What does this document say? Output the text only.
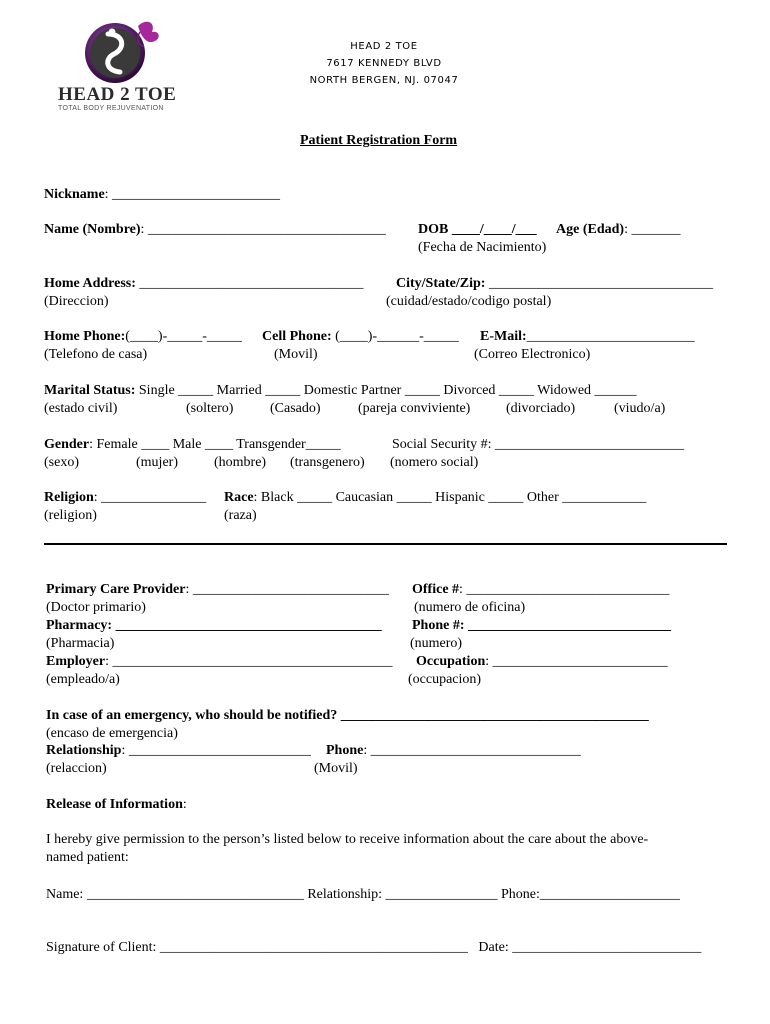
HEAD 2 TOE
TOTAL BODY REJUVENATION
HEAD 2 TOE
7617 KENNEDY BLVD
NORTH BERGEN, NJ. 07047
Patient Registration Form
Nickname: ________________________
Name (Nombre): __________________________________ DOB ____/____/___ Age (Edad): _______
(Fecha de Nacimiento)
Home Address: ________________________________ City/State/Zip: ________________________________
(Direccion)	(cuidad/estado/codigo postal)
Home Phone:(____)-_____-_____ Cell Phone: (____)-______-_____ E-Mail:________________________
(Telefono de casa)	(Movil)	(Correo Electronico)
Marital Status: Single _____ Married _____ Domestic Partner _____ Divorced _____ Widowed ______
(estado civil)	(soltero)	(Casado)	(pareja conviviente)	(divorciado)	(viudo/a)
Gender: Female ____ Male ____ Transgender_____	Social Security #: ___________________________
(sexo)	(mujer)	(hombre) (transgenero) (nomero social)
Religion: _______________ Race: Black _____ Caucasian _____ Hispanic _____ Other ____________
(religion)	(raza)
Primary Care Provider: ____________________________ Office #: _____________________________
(Doctor primario)	(numero de oficina)
Pharmacy: ______________________________________ Phone #: _____________________________
(Pharmacia)	(numero)
Employer: ________________________________________ Occupation: _________________________
(empleado/a)	(occupacion)
In case of an emergency, who should be notified? ____________________________________________
(encaso de emergencia)
Relationship: __________________________ Phone: ______________________________
(relaccion)	(Movil)
Release of Information:
I hereby give permission to the person’s listed below to receive information about the care about the above-
named patient:
Name: _______________________________ Relationship: ________________ Phone:____________________
Signature of Client: ____________________________________________   Date: ___________________________
